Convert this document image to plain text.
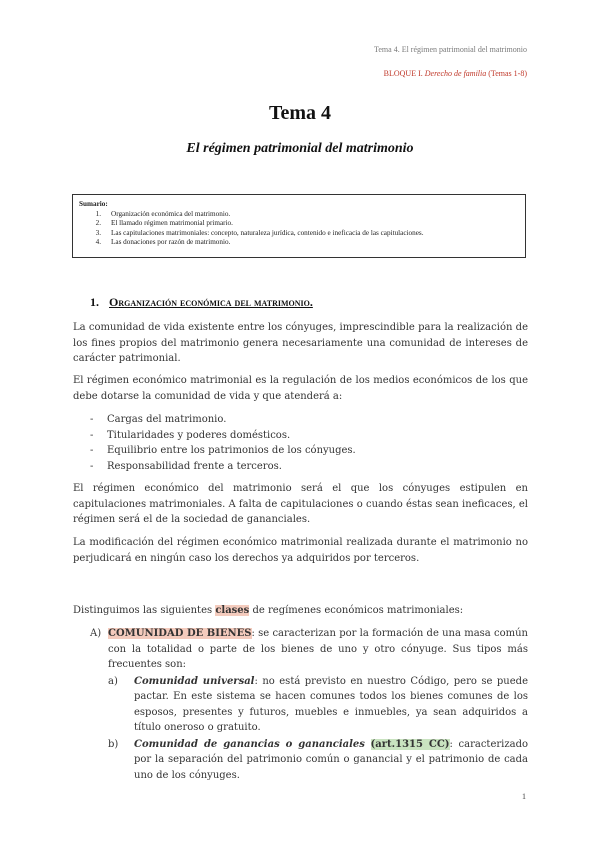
Tema 4. El régimen patrimonial del matrimonio
BLOQUE I. Derecho de familia (Temas 1-8)
Tema 4
El régimen patrimonial del matrimonio
Sumario:
1.	Organización económica del matrimonio.
2.	El llamado régimen matrimonial primario.
3.	Las capitulaciones matrimoniales: concepto, naturaleza jurídica, contenido e ineficacia de las capitulaciones.
4.	Las donaciones por razón de matrimonio.
1. Organización económica del matrimonio.
La comunidad de vida existente entre los cónyuges, imprescindible para la realización de los fines propios del matrimonio genera necesariamente una comunidad de intereses de carácter patrimonial.
El régimen económico matrimonial es la regulación de los medios económicos de los que debe dotarse la comunidad de vida y que atenderá a:
-	Cargas del matrimonio.
-	Titularidades y poderes domésticos.
-	Equilibrio entre los patrimonios de los cónyuges.
-	Responsabilidad frente a terceros.
El régimen económico del matrimonio será el que los cónyuges estipulen en capitulaciones matrimoniales. A falta de capitulaciones o cuando éstas sean ineficaces, el régimen será el de la sociedad de gananciales.
La modificación del régimen económico matrimonial realizada durante el matrimonio no perjudicará en ningún caso los derechos ya adquiridos por terceros.
Distinguimos las siguientes clases de regímenes económicos matrimoniales:
A) COMUNIDAD DE BIENES: se caracterizan por la formación de una masa común con la totalidad o parte de los bienes de uno y otro cónyuge. Sus tipos más frecuentes son:
a) Comunidad universal: no está previsto en nuestro Código, pero se puede pactar. En este sistema se hacen comunes todos los bienes comunes de los esposos, presentes y futuros, muebles e inmuebles, ya sean adquiridos a título oneroso o gratuito.
b) Comunidad de ganancias o gananciales (art.1315 CC): caracterizado por la separación del patrimonio común o ganancial y el patrimonio de cada uno de los cónyuges.
1
